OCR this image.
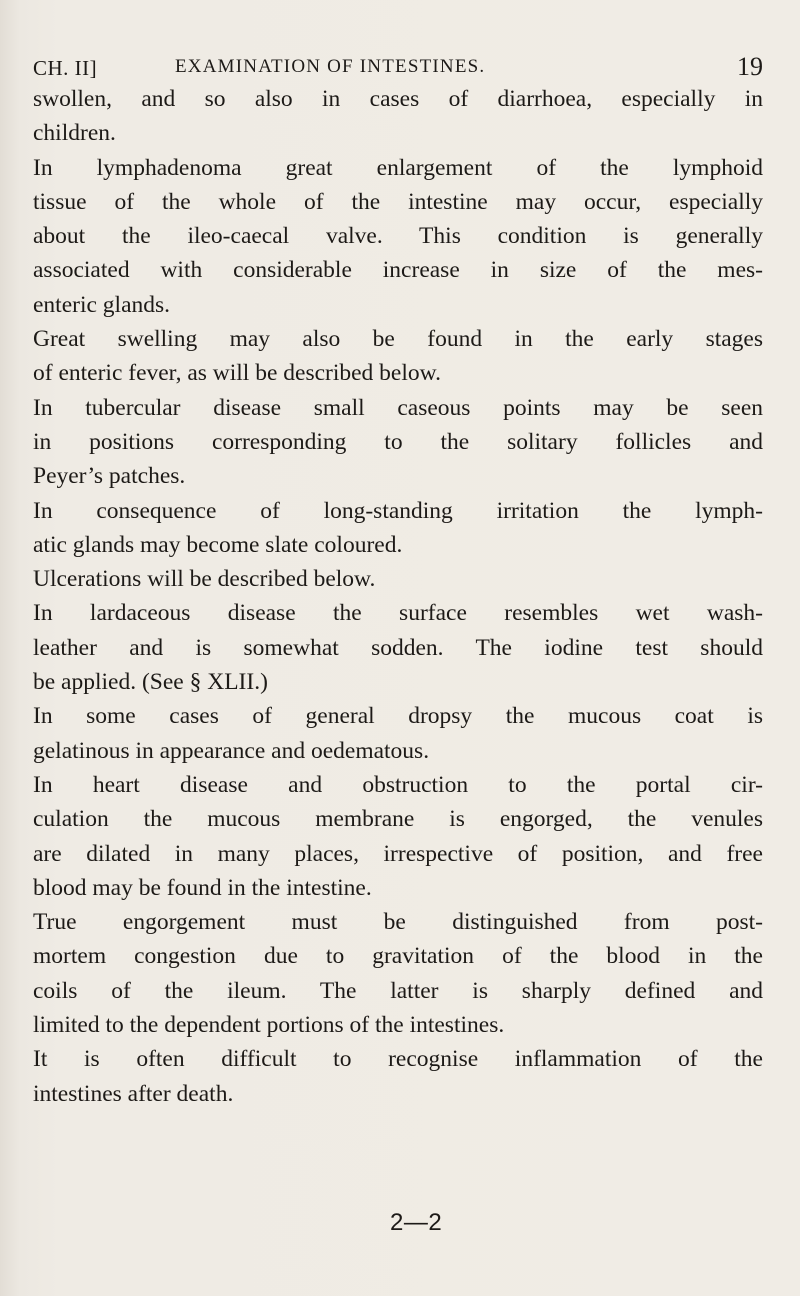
CH. II]	EXAMINATION OF INTESTINES.	19
swollen, and so also in cases of diarrhoea, especially in
children.
In lymphadenoma great enlargement of the lymphoid
tissue of the whole of the intestine may occur, especially
about the ileo-caecal valve. This condition is generally
associated with considerable increase in size of the mes-
enteric glands.
Great swelling may also be found in the early stages
of enteric fever, as will be described below.
In tubercular disease small caseous points may be seen
in positions corresponding to the solitary follicles and
Peyer’s patches.
In consequence of long-standing irritation the lymph-
atic glands may become slate coloured.
Ulcerations will be described below.
In lardaceous disease the surface resembles wet wash-
leather and is somewhat sodden. The iodine test should
be applied. (See § XLII.)
In some cases of general dropsy the mucous coat is
gelatinous in appearance and oedematous.
In heart disease and obstruction to the portal cir-
culation the mucous membrane is engorged, the venules
are dilated in many places, irrespective of position, and free
blood may be found in the intestine.
True engorgement must be distinguished from post-
mortem congestion due to gravitation of the blood in the
coils of the ileum. The latter is sharply defined and
limited to the dependent portions of the intestines.
It is often difficult to recognise inflammation of the
intestines after death.
2—2
